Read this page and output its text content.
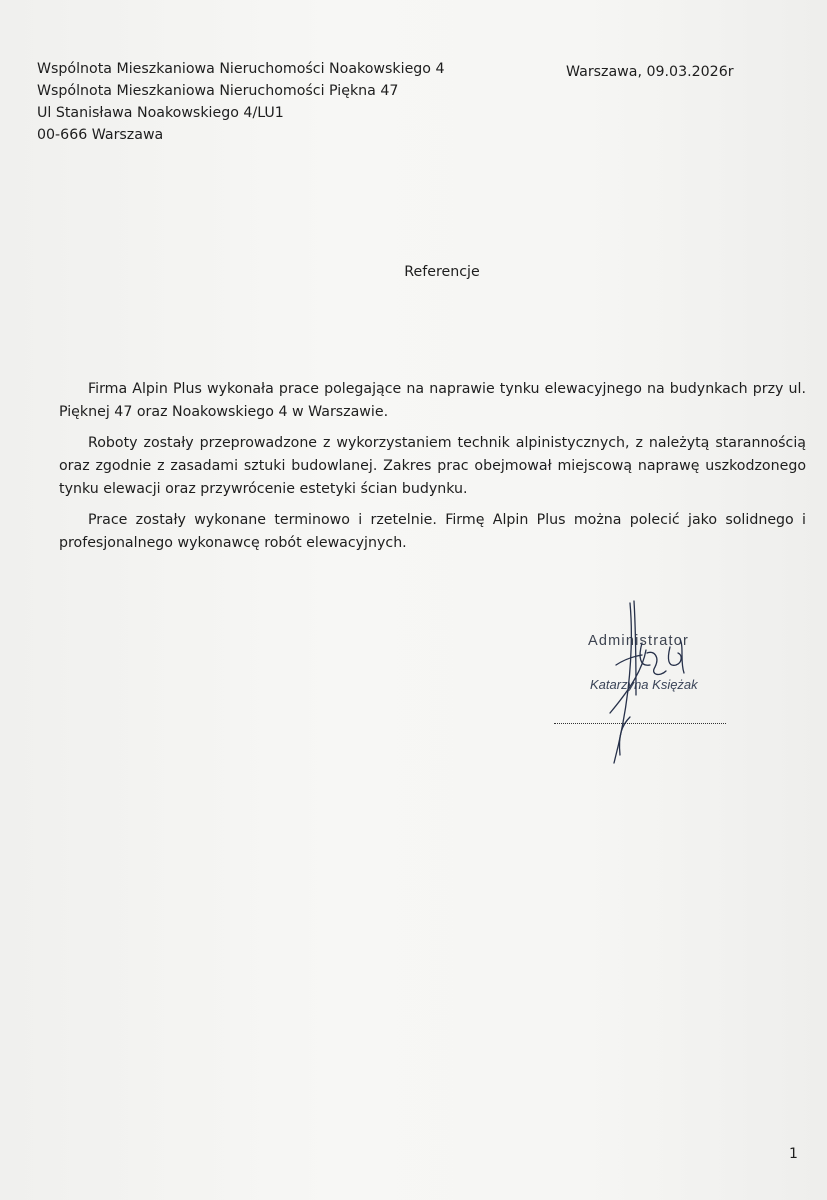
Wspólnota Mieszkaniowa Nieruchomości Noakowskiego 4
Wspólnota Mieszkaniowa Nieruchomości Piękna 47
Ul Stanisława Noakowskiego 4/LU1
00-666 Warszawa
Warszawa, 09.03.2026r
Referencje

Firma Alpin Plus wykonała prace polegające na naprawie tynku elewacyjnego na budynkach przy ul. Pięknej 47 oraz Noakowskiego 4 w Warszawie.

Roboty zostały przeprowadzone z wykorzystaniem technik alpinistycznych, z należytą starannością oraz zgodnie z zasadami sztuki budowlanej. Zakres prac obejmował miejscową naprawę uszkodzonego tynku elewacji oraz przywrócenie estetyki ścian budynku.

Prace zostały wykonane terminowo i rzetelnie. Firmę Alpin Plus można polecić jako solidnego i profesjonalnego wykonawcę robót elewacyjnych.

Administrator
Katarzyna Księżak
1
